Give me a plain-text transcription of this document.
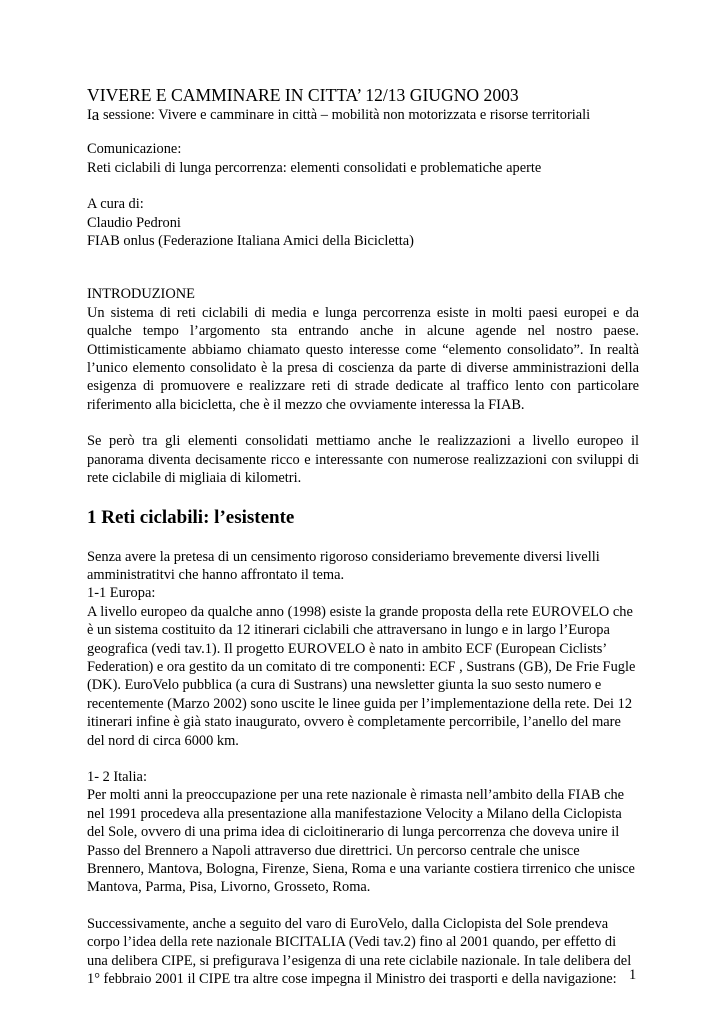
VIVERE E CAMMINARE IN CITTA’ 12/13 GIUGNO 2003

Ia sessione: Vivere e camminare in città – mobilità non motorizzata e risorse territoriali

Comunicazione:

Reti ciclabili di lunga percorrenza: elementi consolidati e problematiche aperte

A cura di:

Claudio Pedroni

FIAB onlus (Federazione Italiana Amici della Bicicletta)

INTRODUZIONE

Un sistema di reti ciclabili di media e lunga percorrenza esiste in molti paesi europei e da qualche tempo l’argomento sta entrando anche in alcune agende nel nostro paese. Ottimisticamente abbiamo chiamato questo interesse come “elemento consolidato”. In realtà l’unico elemento consolidato è la presa di coscienza da parte di diverse amministrazioni della esigenza di promuovere e realizzare reti di strade dedicate al traffico lento con particolare riferimento alla bicicletta, che è il mezzo che ovviamente interessa la FIAB.

Se però tra gli elementi consolidati mettiamo anche le realizzazioni a livello europeo il panorama diventa decisamente ricco e interessante con numerose realizzazioni con sviluppi di rete ciclabile di migliaia di kilometri.

1 Reti ciclabili: l’esistente

Senza avere la pretesa di un censimento rigoroso consideriamo brevemente diversi livelli amministratitvi che hanno affrontato il tema.

1-1 Europa:

A livello europeo da qualche anno (1998) esiste la grande proposta della rete EUROVELO che è un sistema costituito da 12 itinerari ciclabili che attraversano in lungo e in largo l’Europa geografica (vedi tav.1). Il progetto EUROVELO è nato in ambito ECF (European Ciclists’ Federation) e ora gestito da un comitato di tre componenti: ECF , Sustrans (GB), De Frie Fugle (DK). EuroVelo pubblica (a cura di Sustrans) una newsletter giunta la suo sesto numero e recentemente (Marzo 2002) sono uscite le linee guida per l’implementazione della rete. Dei 12 itinerari infine è già stato inaugurato, ovvero è completamente percorribile, l’anello del mare del nord di circa 6000 km.

1- 2 Italia:

Per molti anni la preoccupazione per una rete nazionale è rimasta nell’ambito della FIAB che nel 1991 procedeva alla presentazione alla manifestazione Velocity a Milano della Ciclopista del Sole, ovvero di una prima idea di cicloitinerario di lunga percorrenza che doveva unire il Passo del Brennero a Napoli attraverso due direttrici. Un percorso centrale che unisce Brennero, Mantova, Bologna, Firenze, Siena, Roma e una variante costiera tirrenico che unisce Mantova, Parma, Pisa, Livorno, Grosseto, Roma.

Successivamente, anche a seguito del varo di EuroVelo, dalla Ciclopista del Sole prendeva corpo l’idea della rete nazionale BICITALIA (Vedi tav.2) fino al 2001 quando, per effetto di una delibera CIPE, si prefigurava l’esigenza di una rete ciclabile nazionale. In tale delibera del 1° febbraio 2001 il CIPE tra altre cose impegna il Ministro dei trasporti e della navigazione: 1
